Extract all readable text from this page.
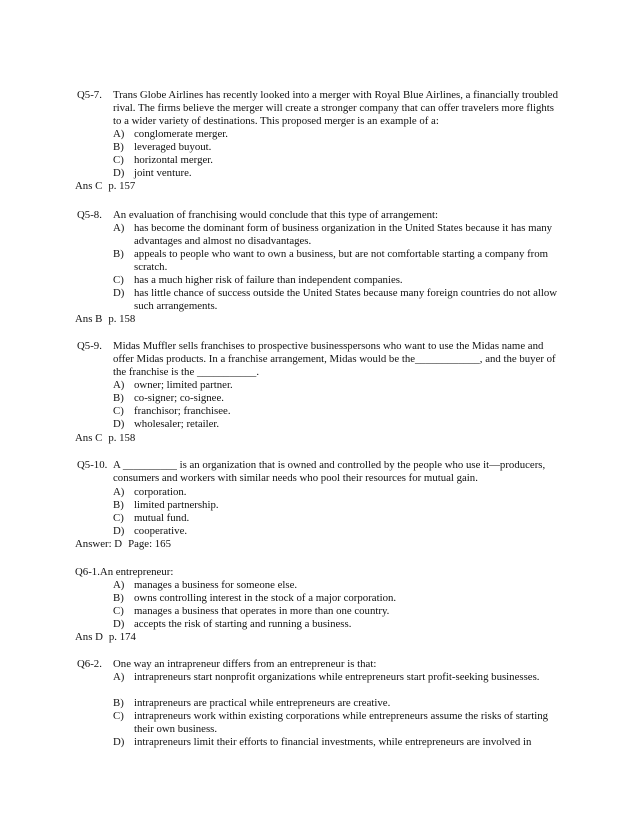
Q5-7. Trans Globe Airlines has recently looked into a merger with Royal Blue Airlines, a financially troubled rival. The firms believe the merger will create a stronger company that can offer travelers more flights to a wider variety of destinations. This proposed merger is an example of a:
A) conglomerate merger.
B) leveraged buyout.
C) horizontal merger.
D) joint venture.
Ans C p. 157
Q5-8. An evaluation of franchising would conclude that this type of arrangement:
A) has become the dominant form of business organization in the United States because it has many advantages and almost no disadvantages.
B) appeals to people who want to own a business, but are not comfortable starting a company from scratch.
C) has a much higher risk of failure than independent companies.
D) has little chance of success outside the United States because many foreign countries do not allow such arrangements.
Ans B p. 158
Q5-9. Midas Muffler sells franchises to prospective businesspersons who want to use the Midas name and offer Midas products. In a franchise arrangement, Midas would be the____________, and the buyer of the franchise is the ___________.
A) owner; limited partner.
B) co-signer; co-signee.
C) franchisor; franchisee.
D) wholesaler; retailer.
Ans C p. 158
Q5-10. A __________ is an organization that is owned and controlled by the people who use it—producers, consumers and workers with similar needs who pool their resources for mutual gain.
A) corporation.
B) limited partnership.
C) mutual fund.
D) cooperative.
Answer: D Page: 165
Q6-1.An entrepreneur:
A) manages a business for someone else.
B) owns controlling interest in the stock of a major corporation.
C) manages a business that operates in more than one country.
D) accepts the risk of starting and running a business.
Ans D p. 174
Q6-2. One way an intrapreneur differs from an entrepreneur is that:
A) intrapreneurs start nonprofit organizations while entrepreneurs start profit-seeking businesses.
B) intrapreneurs are practical while entrepreneurs are creative.
C) intrapreneurs work within existing corporations while entrepreneurs assume the risks of starting their own business.
D) intrapreneurs limit their efforts to financial investments, while entrepreneurs are involved in
